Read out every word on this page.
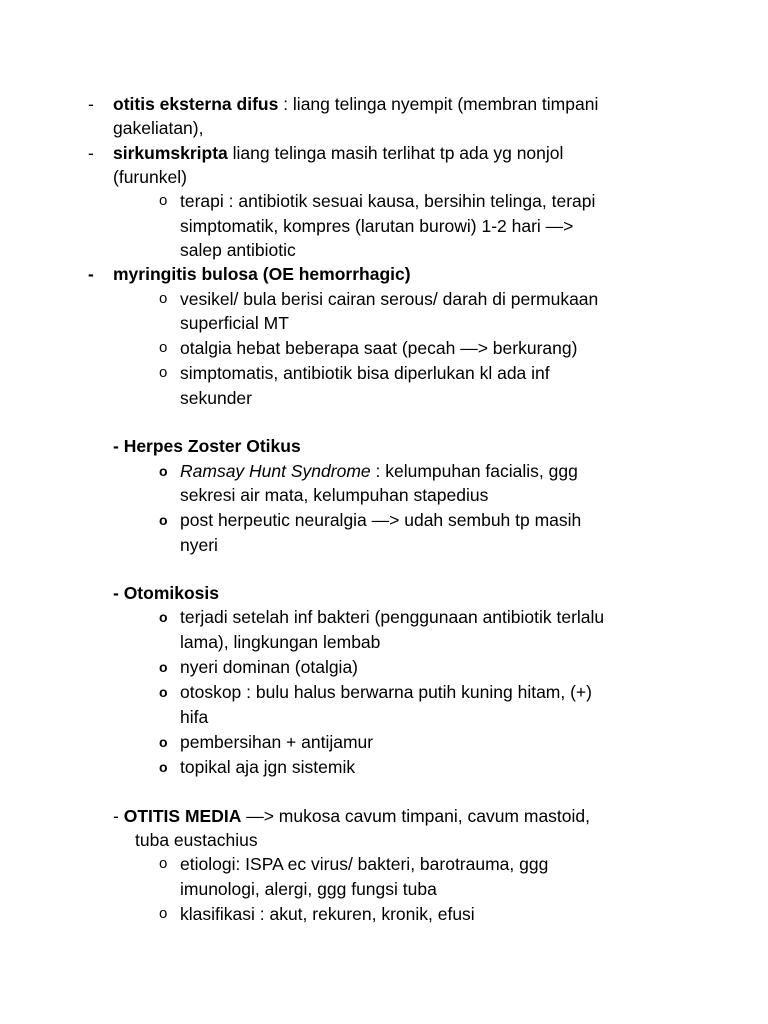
- otitis eksterna difus : liang telinga nyempit (membran timpani
gakeliatan),
- sirkumskripta liang telinga masih terlihat tp ada yg nonjol
(furunkel)
o terapi : antibiotik sesuai kausa, bersihin telinga, terapi
simptomatik, kompres (larutan burowi) 1-2 hari —>
salep antibiotic
- myringitis bulosa (OE hemorrhagic)
o vesikel/ bula berisi cairan serous/ darah di permukaan
superficial MT
o otalgia hebat beberapa saat (pecah —> berkurang)
o simptomatis, antibiotik bisa diperlukan kl ada inf
sekunder
- Herpes Zoster Otikus
o Ramsay Hunt Syndrome : kelumpuhan facialis, ggg
sekresi air mata, kelumpuhan stapedius
o post herpeutic neuralgia —> udah sembuh tp masih
nyeri
- Otomikosis
o terjadi setelah inf bakteri (penggunaan antibiotik terlalu
lama), lingkungan lembab
o nyeri dominan (otalgia)
o otoskop : bulu halus berwarna putih kuning hitam, (+)
hifa
o pembersihan + antijamur
o topikal aja jgn sistemik
- OTITIS MEDIA —> mukosa cavum timpani, cavum mastoid,
tuba eustachius
o etiologi: ISPA ec virus/ bakteri, barotrauma, ggg
imunologi, alergi, ggg fungsi tuba
o klasifikasi : akut, rekuren, kronik, efusi
